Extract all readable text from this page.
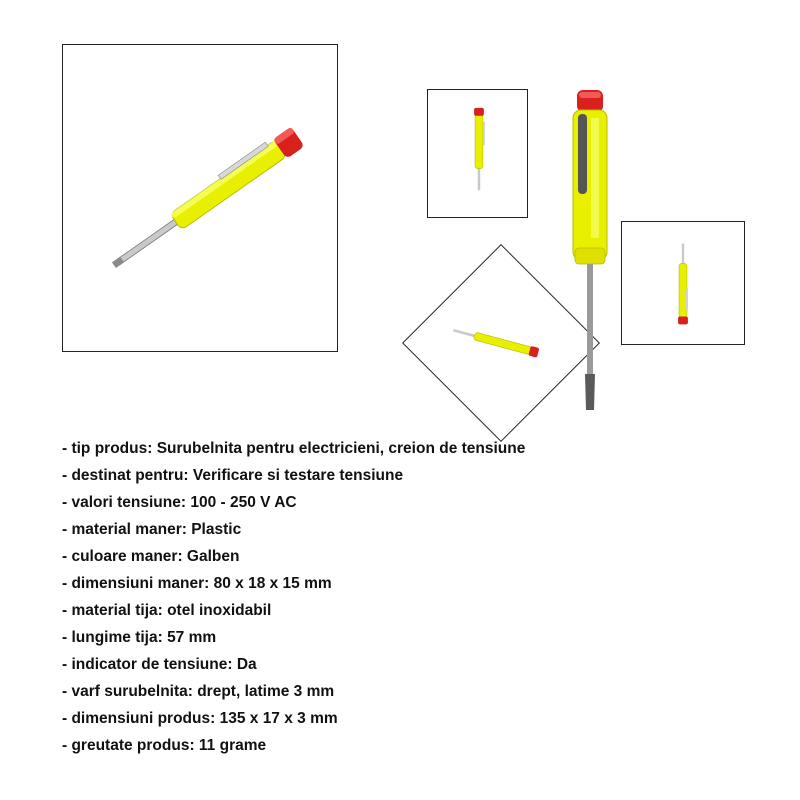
- tip produs: Surubelnita pentru electricieni, creion de tensiune
- destinat pentru: Verificare si testare tensiune
- valori tensiune: 100 - 250 V AC
- material maner: Plastic
- culoare maner: Galben
- dimensiuni maner: 80 x 18 x 15 mm
- material tija: otel inoxidabil
- lungime tija: 57 mm
- indicator de tensiune: Da
- varf surubelnita: drept, latime 3 mm
- dimensiuni produs: 135 x 17 x 3 mm
- greutate produs: 11 grame
